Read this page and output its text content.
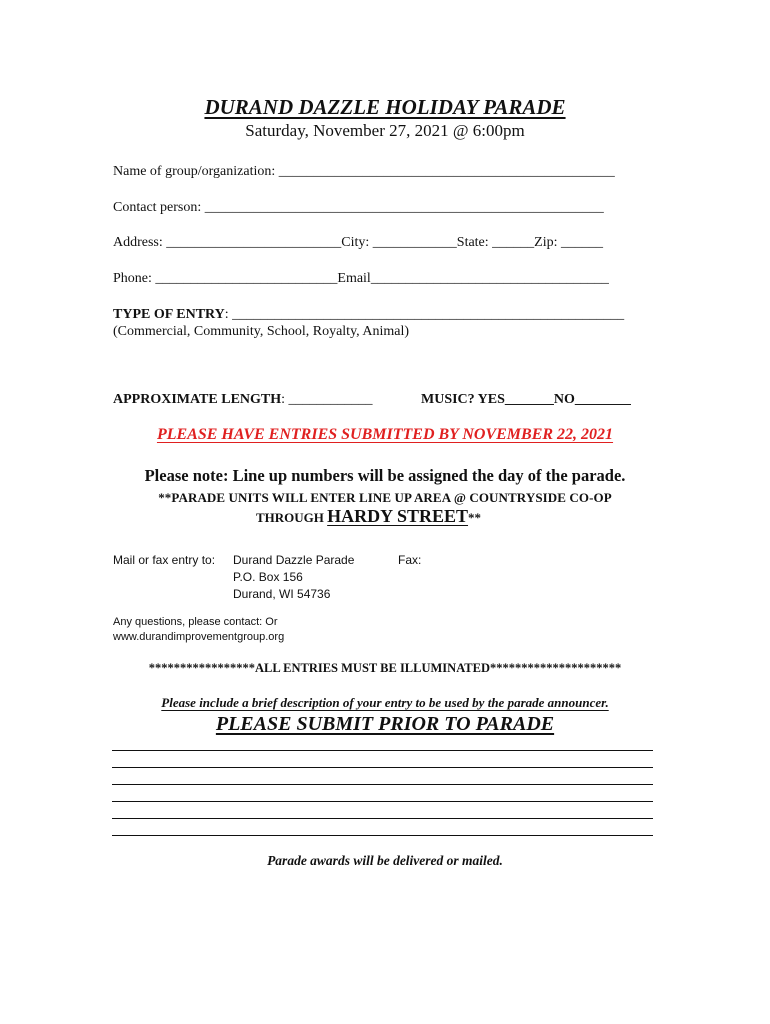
DURAND DAZZLE HOLIDAY PARADE
Saturday, November 27, 2021 @ 6:00pm
Name of group/organization: ________________________________________________
Contact person: _________________________________________________________
Address: _________________________City: ____________State: ______Zip: ______
Phone: __________________________Email__________________________________
TYPE OF ENTRY: ________________________________________________________
(Commercial, Community, School, Royalty, Animal)
APPROXIMATE LENGTH: ____________	MUSIC? YES_______NO________
PLEASE HAVE ENTRIES SUBMITTED BY NOVEMBER 22, 2021
Please note: Line up numbers will be assigned the day of the parade.
**PARADE UNITS WILL ENTER LINE UP AREA @ COUNTRYSIDE CO-OP
THROUGH HARDY STREET**
Mail or fax entry to: Durand Dazzle Parade
P.O. Box 156
Durand, WI 54736
Fax:
Any questions, please contact: Or
www.durandimprovementgroup.org
*****************ALL ENTRIES MUST BE ILLUMINATED*********************
Please include a brief description of your entry to be used by the parade announcer.
PLEASE SUBMIT PRIOR TO PARADE
Parade awards will be delivered or mailed.
